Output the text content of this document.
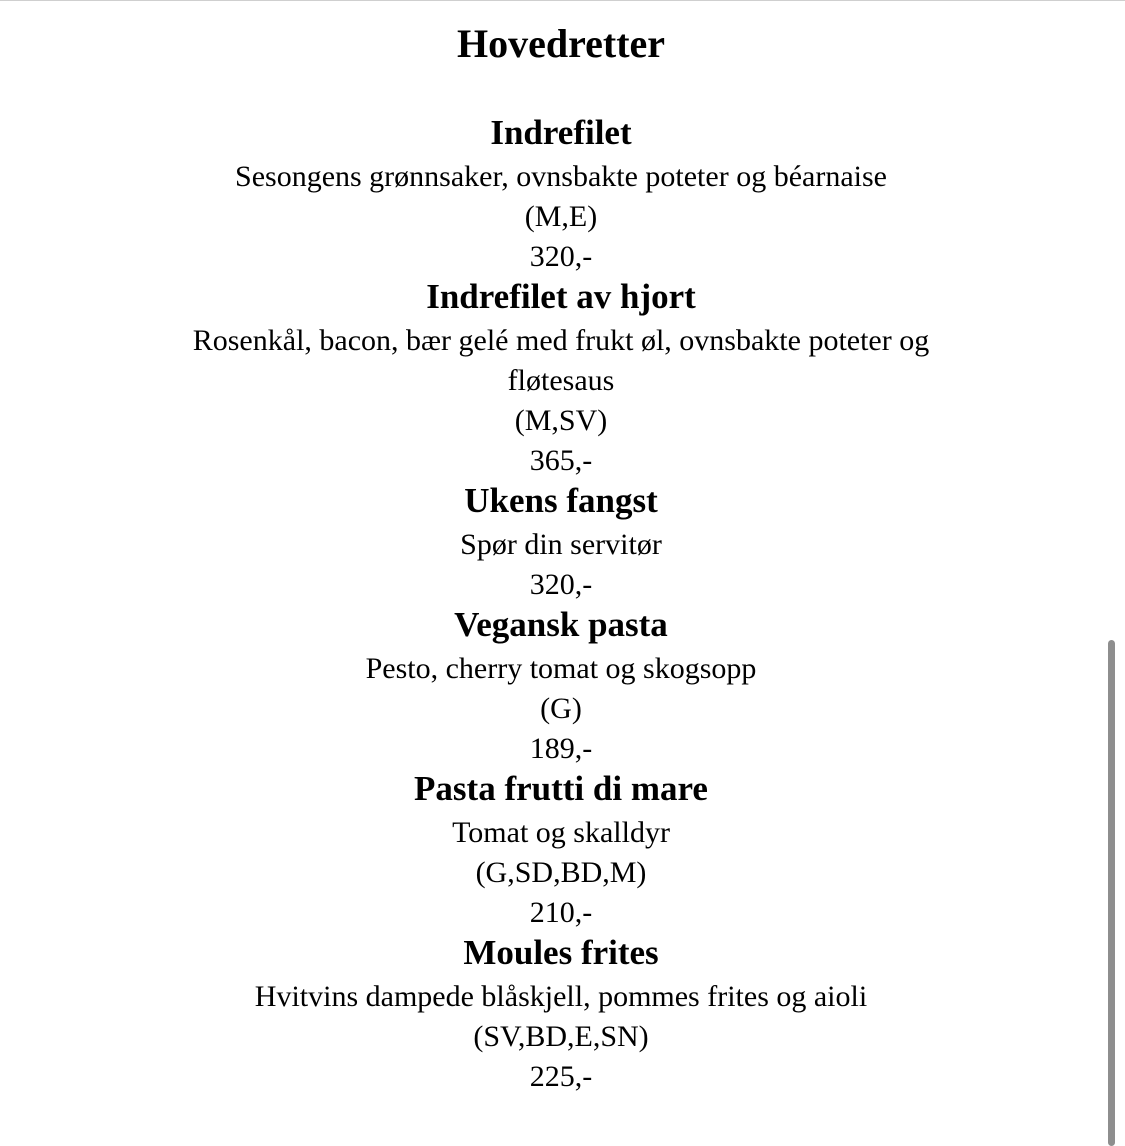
Hovedretter
Indrefilet
Sesongens grønnsaker, ovnsbakte poteter og béarnaise
(M,E)
320,-
Indrefilet av hjort
Rosenkål, bacon, bær gelé med frukt øl, ovnsbakte poteter og fløtesaus
(M,SV)
365,-
Ukens fangst
Spør din servitør
320,-
Vegansk pasta
Pesto, cherry tomat og skogsopp
(G)
189,-
Pasta frutti di mare
Tomat og skalldyr
(G,SD,BD,M)
210,-
Moules frites
Hvitvins dampede blåskjell, pommes frites og aioli
(SV,BD,E,SN)
225,-
